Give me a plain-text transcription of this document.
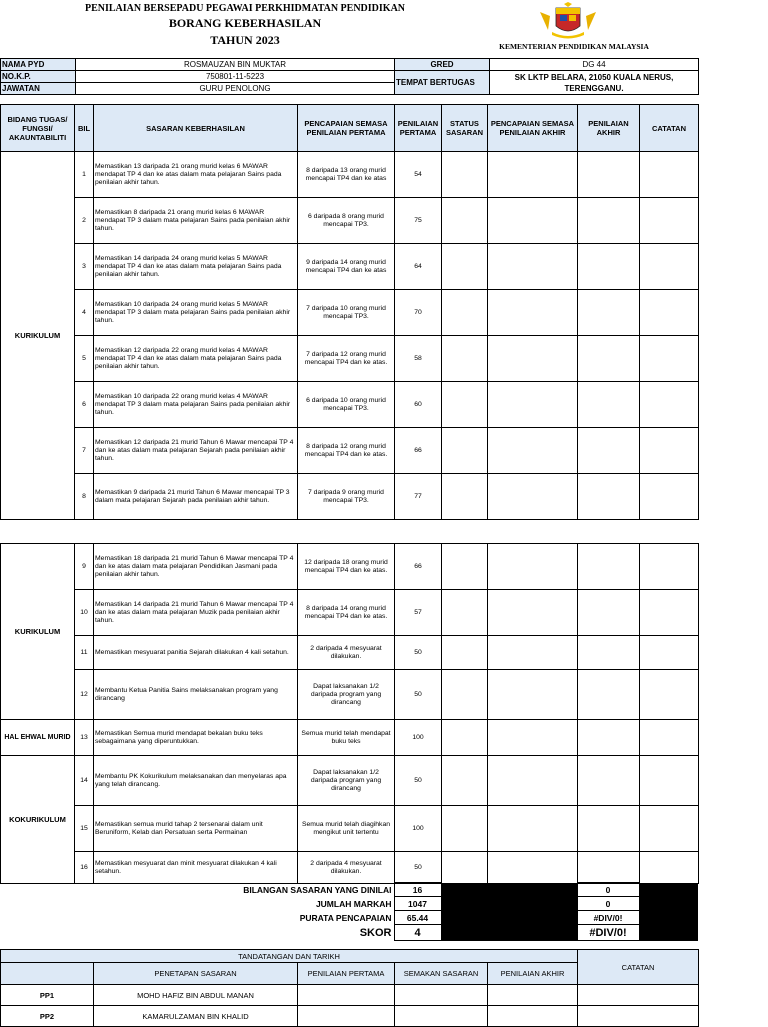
PENILAIAN BERSEPADU PEGAWAI PERKHIDMATAN PENDIDIKAN
BORANG KEBERHASILAN
TAHUN 2023	KEMENTERIAN PENDIDIKAN MALAYSIA
NAMA PYD	ROSMAUZAN BIN MUKTAR	GRED	DG 44
NO.K.P.	750801-11-5223	TEMPAT BERTUGAS	SK LKTP BELARA, 21050 KUALA NERUS, TERENGGANU.
JAWATAN	GURU PENOLONG		
BIDANG TUGAS/ FUNGSI/ AKAUNTABILITI	BIL	SASARAN KEBERHASILAN	PENCAPAIAN SEMASA PENILAIAN PERTAMA	PENILAIAN PERTAMA	STATUS SASARAN	PENCAPAIAN SEMASA PENILAIAN AKHIR	PENILAIAN AKHIR	CATATAN
KURIKULUM	1	Memastikan 13 daripada 21 orang murid kelas 6 MAWAR mendapat TP 4 dan ke atas dalam mata pelajaran Sains pada penilaian akhir tahun.	8 daripada 13 orang murid mencapai TP4 dan ke atas	54				
	2	Memastikan 8 daripada 21 orang murid kelas 6 MAWAR mendapat TP 3 dalam mata pelajaran Sains pada penilaian akhir tahun.	6 daripada 8 orang murid mencapai TP3.	75				
	3	Memastikan 14 daripada 24 orang murid kelas 5 MAWAR mendapat TP 4 dan ke atas dalam mata pelajaran Sains pada penilaian akhir tahun.	9 daripada 14 orang murid mencapai TP4 dan ke atas	64				
	4	Memastikan 10 daripada 24 orang murid kelas 5 MAWAR mendapat TP 3 dalam mata pelajaran Sains pada penilaian akhir tahun.	7 daripada 10 orang murid mencapai TP3.	70				
	5	Memastikan 12 daripada 22 orang murid kelas 4 MAWAR mendapat TP 4 dan ke atas dalam mata pelajaran Sains pada penilaian akhir tahun.	7 daripada 12 orang murid mencapai TP4 dan ke atas.	58				
	6	Memastikan 10 daripada 22 orang murid kelas 4 MAWAR mendapat TP 3 dalam mata pelajaran Sains pada penilaian akhir tahun.	6 daripada 10 orang murid mencapai TP3.	60				
	7	Memastikan 12 daripada 21 murid Tahun 6 Mawar mencapai TP 4 dan ke atas dalam mata pelajaran Sejarah pada penilaian akhir tahun.	8 daripada 12 orang murid mencapai TP4 dan ke atas.	66				
	8	Memastikan 9 daripada 21 murid Tahun 6 Mawar mencapai TP 3 dalam mata pelajaran Sejarah pada penilaian akhir tahun.	7 daripada 9 orang murid mencapai TP3.	77				
KURIKULUM	9	Memastikan 18 daripada 21 murid Tahun 6 Mawar mencapai TP 4 dan ke atas dalam mata pelajaran Pendidikan Jasmani pada penilaian akhir tahun.	12 daripada 18 orang murid mencapai TP4 dan ke atas.	66				
	10	Memastikan 14 daripada 21 murid Tahun 6 Mawar mencapai TP 4 dan ke atas dalam mata pelajaran Muzik pada penilaian akhir tahun.	8 daripada 14 orang murid mencapai TP4 dan ke atas.	57				
	11	Memastikan mesyuarat panitia Sejarah dilakukan 4 kali setahun.	2 daripada 4 mesyuarat dilakukan.	50				
	12	Membantu Ketua Panitia Sains melaksanakan program yang dirancang	Dapat laksanakan 1/2 daripada program yang dirancang	50				
HAL EHWAL MURID	13	Memastikan Semua murid mendapat bekalan buku teks sebagaimana yang diperuntukkan.	Semua murid telah mendapat buku teks	100				
KOKURIKULUM	14	Membantu PK Kokurikulum melaksanakan dan menyelaras apa yang telah dirancang.	Dapat laksanakan 1/2 daripada program yang dirancang	50				
	15	Memastikan semua murid tahap 2 tersenarai dalam unit Beruniform, Kelab dan Persatuan serta Permainan	Semua murid telah diagihkan mengikut unit tertentu	100				
	16	Memastikan mesyuarat dan minit mesyuarat dilakukan 4 kali setahun.	2 daripada 4 mesyuarat dilakukan.	50				
BILANGAN SASARAN YANG DINILAI	16		0	
JUMLAH MARKAH	1047		0	
PURATA PENCAPAIAN	65.44		#DIV/0!	
SKOR	4		#DIV/0!	
TANDATANGAN DAN TARIKH					CATATAN
	PENETAPAN SASARAN	PENILAIAN PERTAMA	SEMAKAN SASARAN	PENILAIAN AKHIR	
PP1	MOHD HAFIZ BIN ABDUL MANAN				
PP2	KAMARULZAMAN BIN KHALID				
